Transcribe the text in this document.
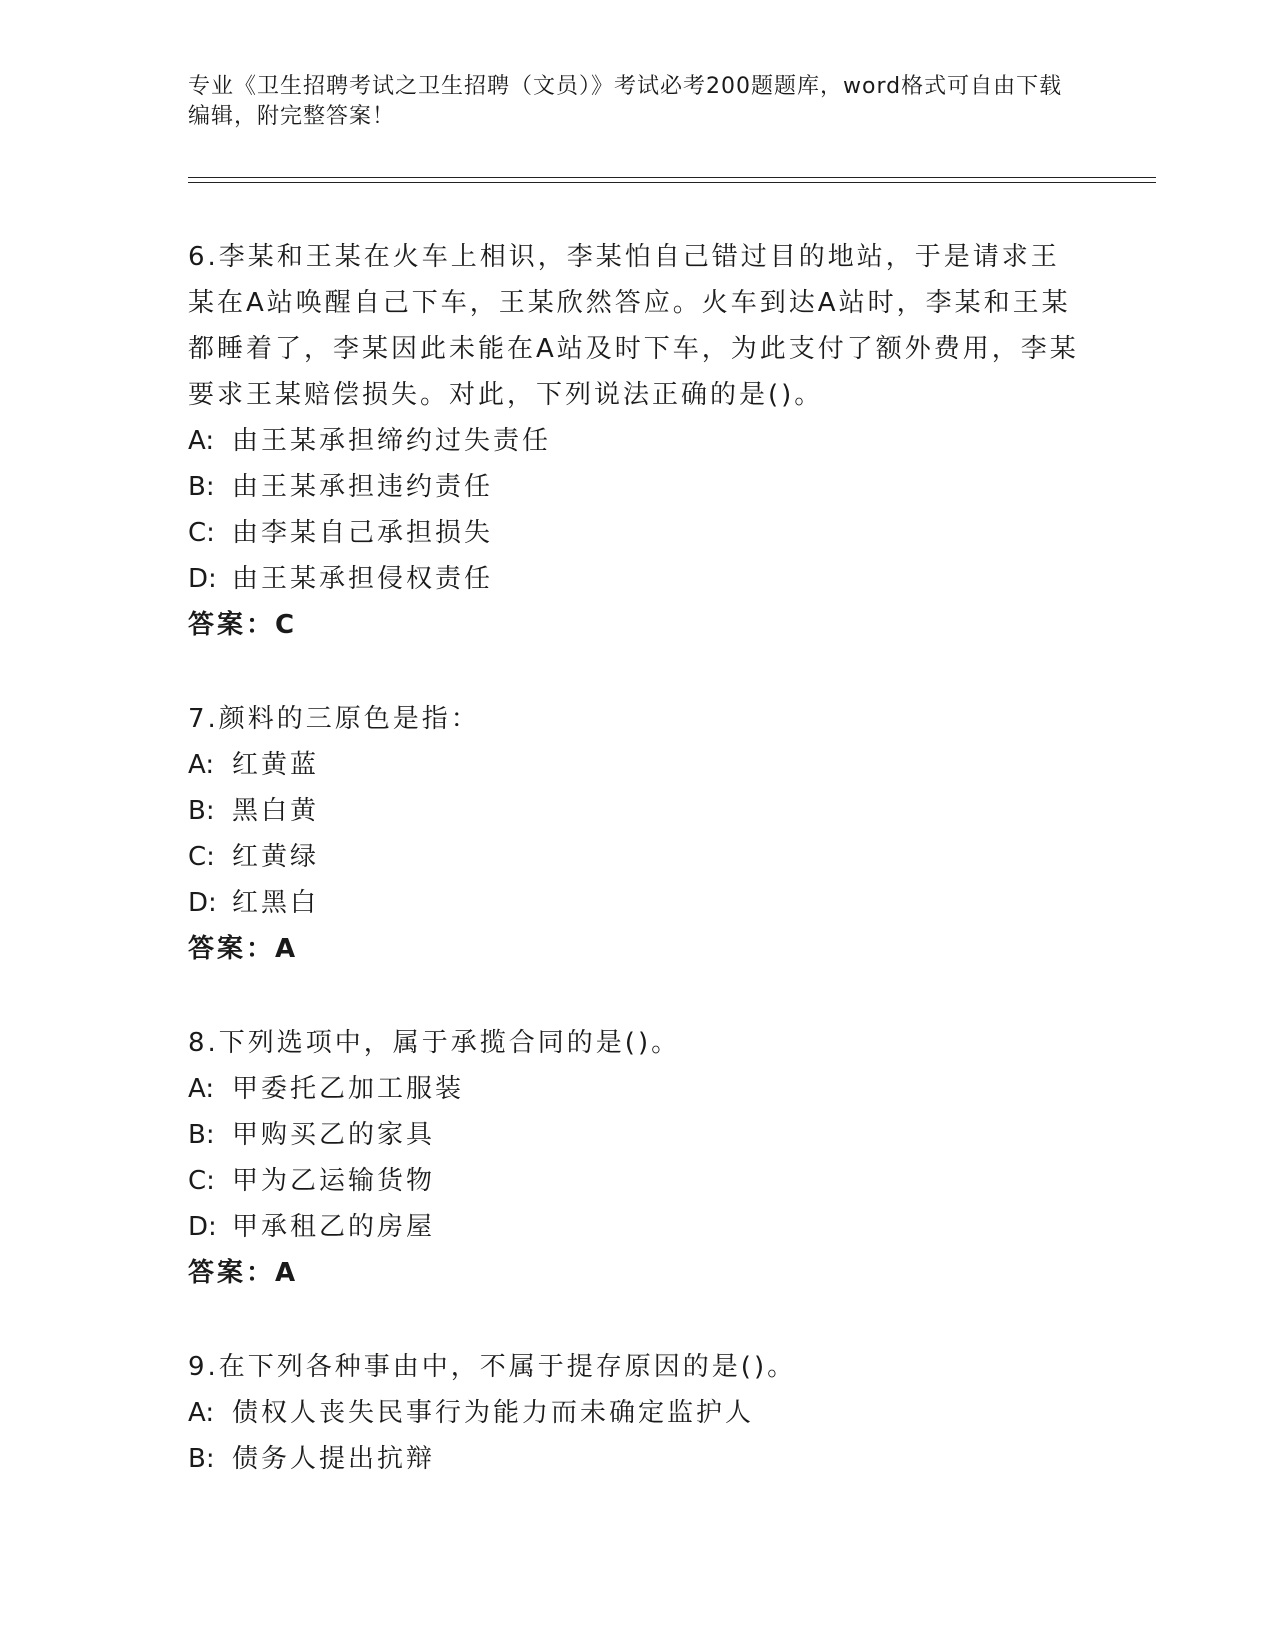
专业《卫生招聘考试之卫生招聘（文员）》考试必考200题题库，word格式可自由下载编辑，附完整答案！
6.李某和王某在火车上相识，李某怕自己错过目的地站，于是请求王某在A站唤醒自己下车，王某欣然答应。火车到达A站时，李某和王某都睡着了，李某因此未能在A站及时下车，为此支付了额外费用，李某要求王某赔偿损失。对此，下列说法正确的是()。
A: 由王某承担缔约过失责任
B: 由王某承担违约责任
C: 由李某自己承担损失
D: 由王某承担侵权责任
答案：C
7.颜料的三原色是指：
A: 红黄蓝
B: 黑白黄
C: 红黄绿
D: 红黑白
答案：A
8.下列选项中，属于承揽合同的是()。
A: 甲委托乙加工服装
B: 甲购买乙的家具
C: 甲为乙运输货物
D: 甲承租乙的房屋
答案：A
9.在下列各种事由中，不属于提存原因的是()。
A: 债权人丧失民事行为能力而未确定监护人
B: 债务人提出抗辩
